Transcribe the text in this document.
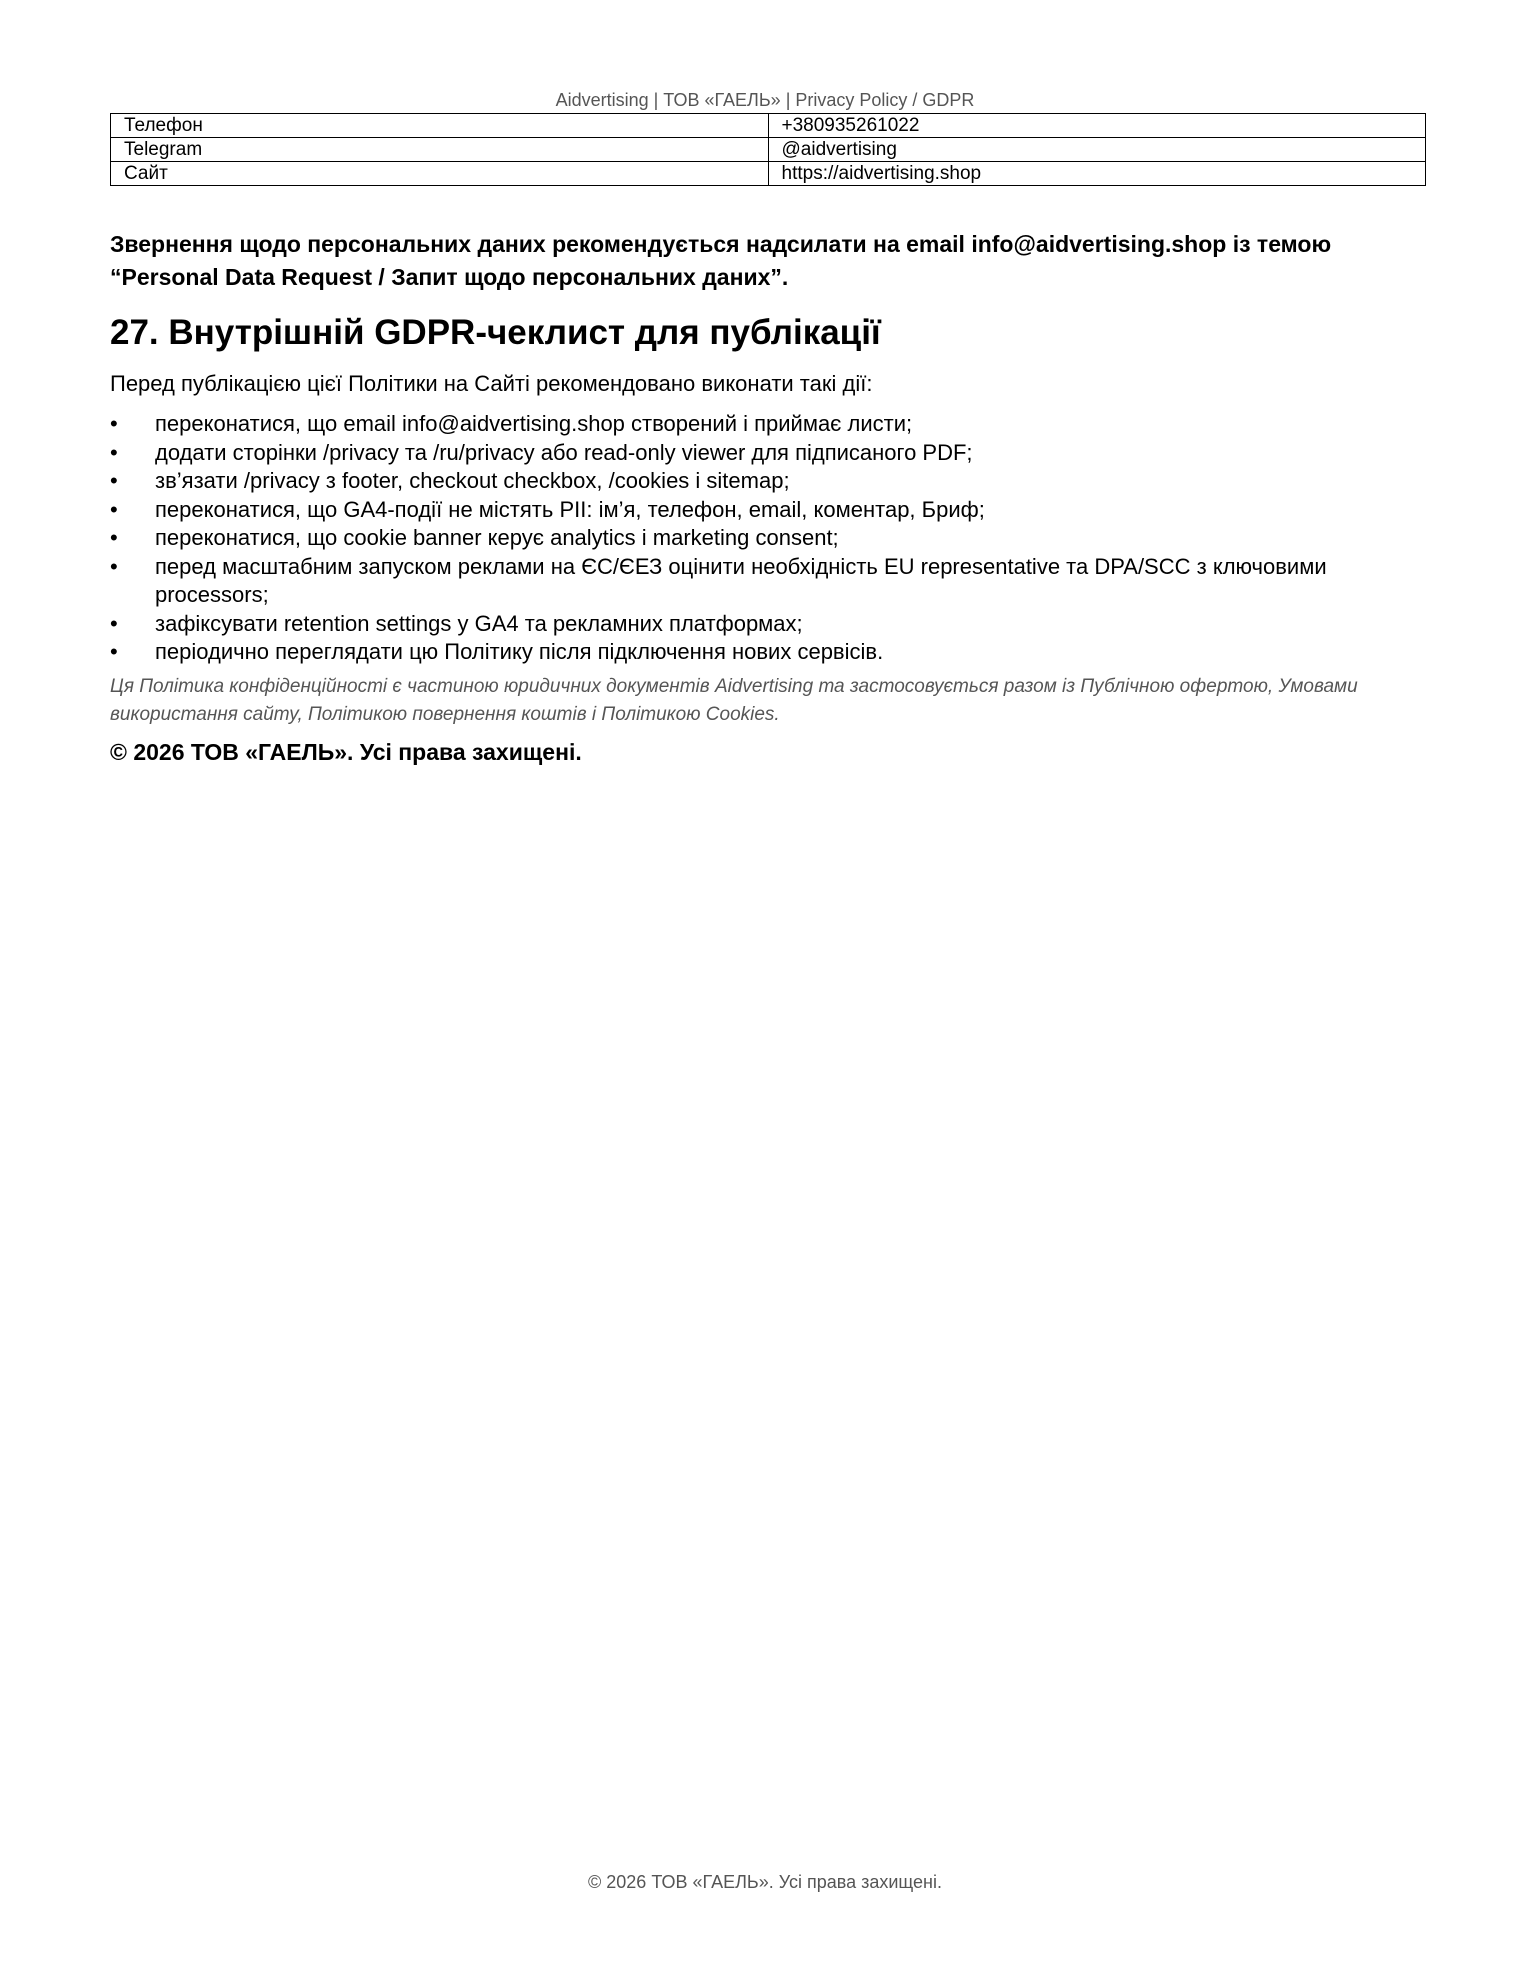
Aidvertising | ТОВ «ГАЕЛЬ» | Privacy Policy / GDPR
Телефон	+380935261022
Telegram	@aidvertising
Сайт	https://aidvertising.shop

Звернення щодо персональних даних рекомендується надсилати на email info@aidvertising.shop із темою “Personal Data Request / Запит щодо персональних даних”.

27. Внутрішній GDPR-чеклист для публікації

Перед публікацією цієї Політики на Сайті рекомендовано виконати такі дії:

•	переконатися, що email info@aidvertising.shop створений і приймає листи;
•	додати сторінки /privacy та /ru/privacy або read-only viewer для підписаного PDF;
•	зв’язати /privacy з footer, checkout checkbox, /cookies і sitemap;
•	переконатися, що GA4-події не містять PII: ім’я, телефон, email, коментар, Бриф;
•	переконатися, що cookie banner керує analytics і marketing consent;
•	перед масштабним запуском реклами на ЄС/ЄЕЗ оцінити необхідність EU representative та DPA/SCC з ключовими processors;
•	зафіксувати retention settings у GA4 та рекламних платформах;
•	періодично переглядати цю Політику після підключення нових сервісів.

Ця Політика конфіденційності є частиною юридичних документів Aidvertising та застосовується разом із Публічною офертою, Умовами використання сайту, Політикою повернення коштів і Політикою Cookies.

© 2026 ТОВ «ГАЕЛЬ». Усі права захищені.

© 2026 ТОВ «ГАЕЛЬ». Усі права захищені.
